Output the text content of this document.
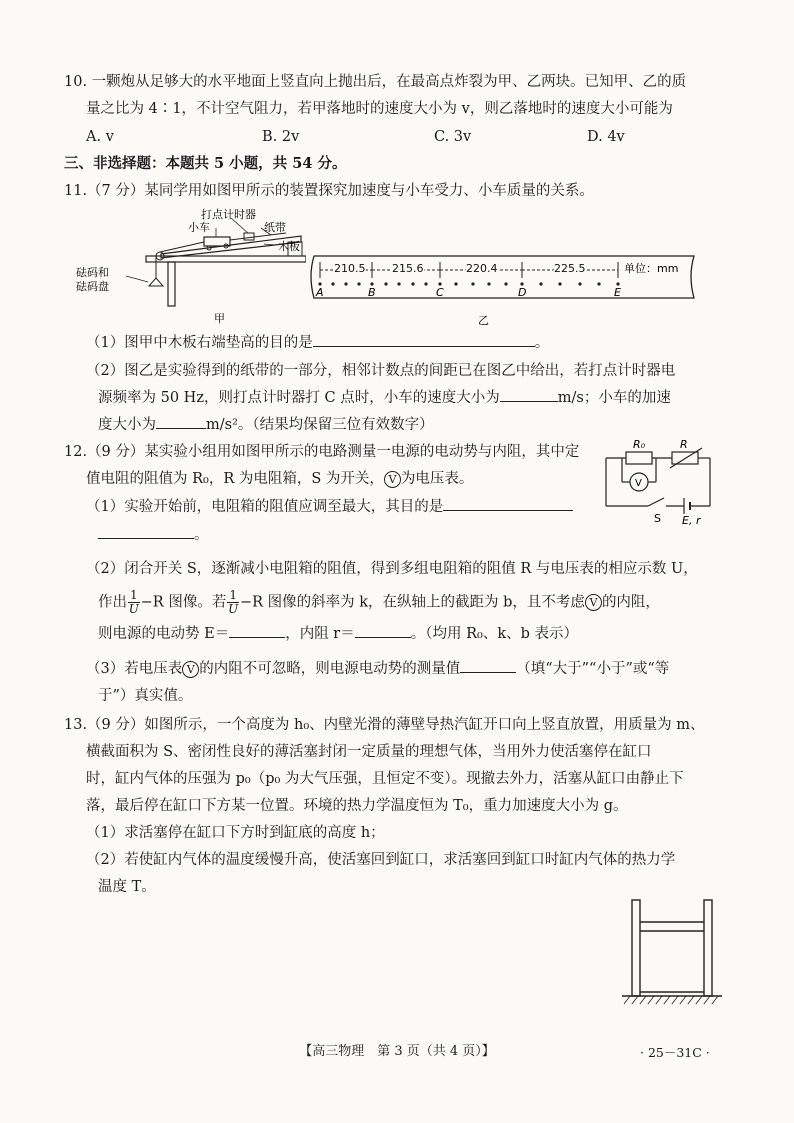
10. 一颗炮从足够大的水平地面上竖直向上抛出后，在最高点炸裂为甲、乙两块。已知甲、乙的质
量之比为 4∶1，不计空气阻力，若甲落地时的速度大小为 v，则乙落地时的速度大小可能为
A. v	B. 2v	C. 3v	D. 4v
三、非选择题：本题共 5 小题，共 54 分。
11.（7 分）某同学用如图甲所示的装置探究加速度与小车受力、小车质量的关系。
打点计时器
小车	纸带
木板
砝码和
砝码盘
甲
210.5 215.6	220.4	225.5	单位：mm
A	B	C	D	E
乙
（1）图甲中木板右端垫高的目的是	。
（2）图乙是实验得到的纸带的一部分，相邻计数点的间距已在图乙中给出，若打点计时器电
源频率为 50 Hz，则打点计时器打 C 点时，小车的速度大小为	m/s；小车的加速
度大小为	m/s²。（结果均保留三位有效数字）
12.（9 分）某实验小组用如图甲所示的电路测量一电源的电动势与内阻，其中定
值电阻的阻值为 R₀，R 为电阻箱，S 为开关， V 为电压表。
R₀	R
V
S E, r
（1）实验开始前，电阻箱的阻值应调至最大，其目的是
。
（2）闭合开关 S，逐渐减小电阻箱的阻值，得到多组电阻箱的阻值 R 与电压表的相应示数 U，
作出 $\frac{1}{U} -R$ 图像。若 $\frac{1}{U} -R$ 图像的斜率为 k，在纵轴上的截距为 b，且不考虑 V 的内阻，
则电源的电动势 E＝	，内阻 r＝	。（均用 R₀、k、b 表示）
（3）若电压表 V 的内阻不可忽略，则电源电动势的测量值	（填“大于”“小于”或“等
于”）真实值。
13.（9 分）如图所示，一个高度为 h₀、内壁光滑的薄壁导热汽缸开口向上竖直放置，用质量为 m、
横截面积为 S、密闭性良好的薄活塞封闭一定质量的理想气体，当用外力使活塞停在缸口
时，缸内气体的压强为 p₀（p₀ 为大气压强，且恒定不变）。现撤去外力，活塞从缸口由静止下
落，最后停在缸口下方某一位置。环境的热力学温度恒为 T₀，重力加速度大小为 g。
（1）求活塞停在缸口下方时到缸底的高度 h；
（2）若使缸内气体的温度缓慢升高，使活塞回到缸口，求活塞回到缸口时缸内气体的热力学
温度 T。
【高三物理　第 3 页（共 4 页）】	· 25－31C ·
